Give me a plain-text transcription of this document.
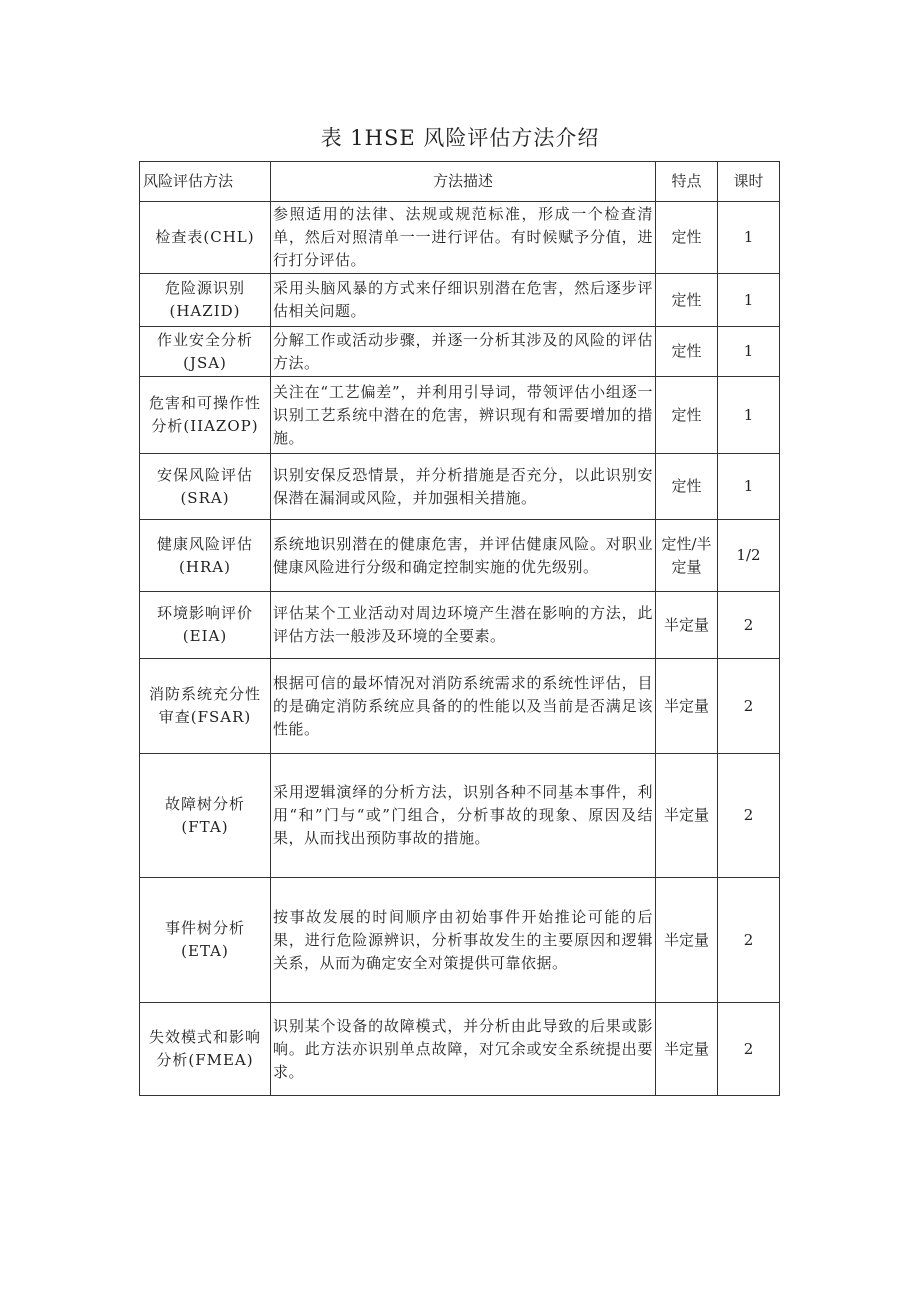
表 1HSE 风险评估方法介绍
风险评估方法	方法描述	特点	课时

检查表(CHL)	参照适用的法律、法规或规范标准，形成一个检查清单，然后对照清单一一进行评估。有时候赋予分值，进行打分评估。	定性	1

危险源识别
(HAZID)	采用头脑风暴的方式来仔细识别潜在危害，然后逐步评估相关问题。	定性	1

作业安全分析
(JSA)	分解工作或活动步骤，并逐一分析其涉及的风险的评估方法。	定性	1

危害和可操作性
分析(IIAZOP)	关注在“工艺偏差”，并利用引导词，带领评估小组逐一识别工艺系统中潜在的危害，辨识现有和需要增加的措施。	定性	1

安保风险评估
(SRA)	识别安保反恐情景，并分析措施是否充分，以此识别安保潜在漏洞或风险，并加强相关措施。	定性	1

健康风险评估
(HRA)	系统地识别潜在的健康危害，并评估健康风险。对职业健康风险进行分级和确定控制实施的优先级别。	定性/半定量	1/2

环境影响评价
(EIA)	评估某个工业活动对周边环境产生潜在影响的方法，此评估方法一般涉及环境的全要素。	半定量	2

消防系统充分性
审查(FSAR)	根据可信的最坏情况对消防系统需求的系统性评估，目的是确定消防系统应具备的的性能以及当前是否满足该性能。	半定量	2

故障树分析
(FTA)	采用逻辑演绎的分析方法，识别各种不同基本事件，利用“和”门与“或”门组合，分析事故的现象、原因及结果，从而找出预防事故的措施。	半定量	2

事件树分析
(ETA)	按事故发展的时间顺序由初始事件开始推论可能的后果，进行危险源辨识，分析事故发生的主要原因和逻辑关系，从而为确定安全对策提供可靠依据。	半定量	2

失效模式和影响
分析(FMEA)	识别某个设备的故障模式，并分析由此导致的后果或影响。此方法亦识别单点故障，对冗余或安全系统提出要求。	半定量	2
